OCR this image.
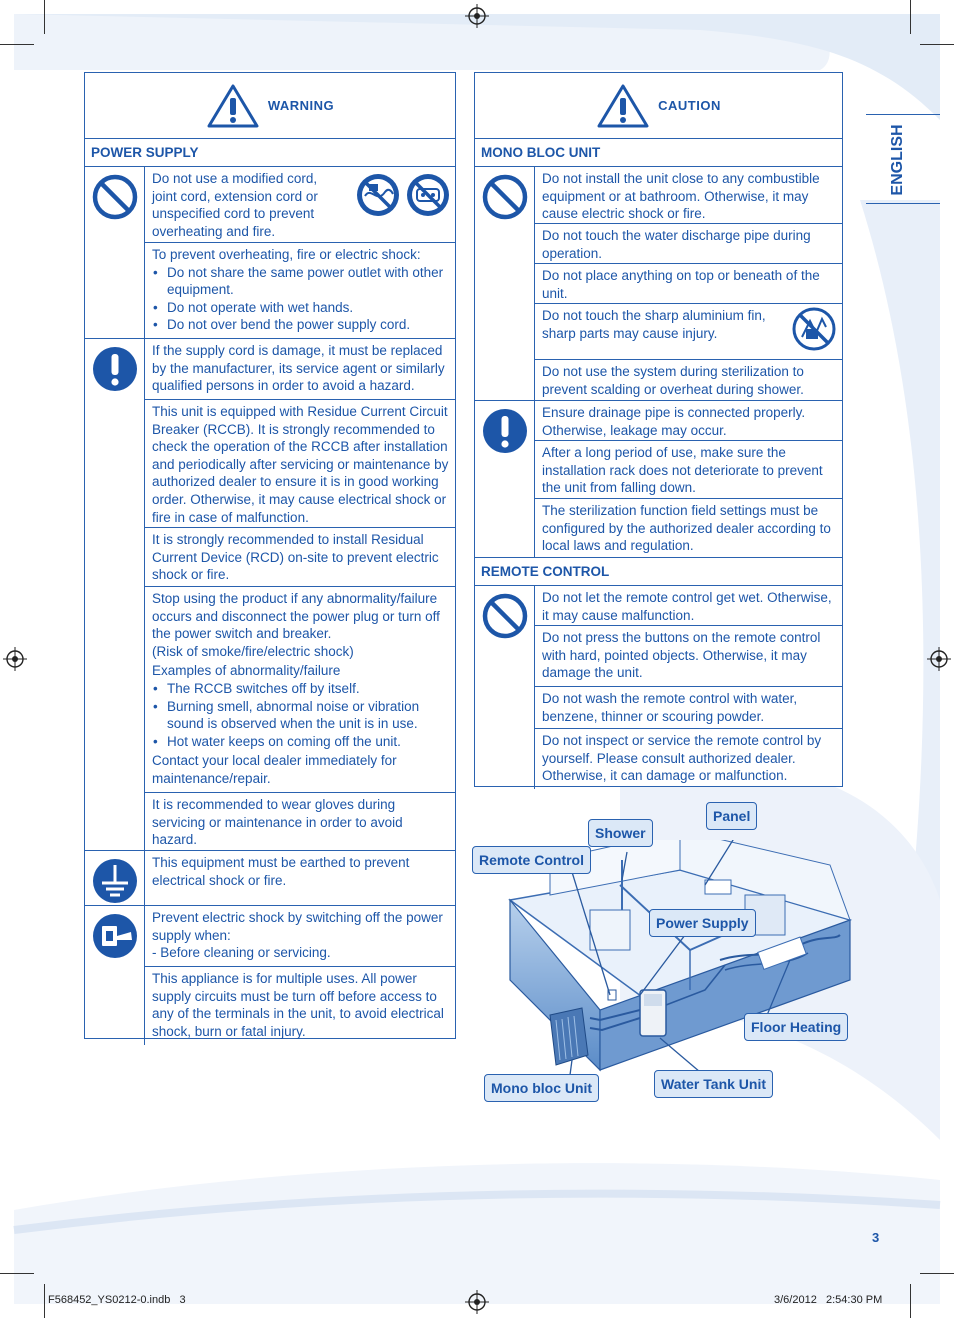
ENGLISH
WARNING
POWER SUPPLY

Do not use a modified cord, joint cord, extension cord or unspecified cord to prevent overheating and fire.

To prevent overheating, fire or electric shock:

• Do not share the same power outlet with other equipment.

• Do not operate with wet hands.

• Do not over bend the power supply cord.

If the supply cord is damage, it must be replaced by the manufacturer, its service agent or similarly qualified persons in order to avoid a hazard.

This unit is equipped with Residue Current Circuit Breaker (RCCB). It is strongly recommended to check the operation of the RCCB after installation and periodically after servicing or maintenance by authorized dealer to ensure it is in good working order. Otherwise, it may cause electrical shock or fire in case of malfunction.

It is strongly recommended to install Residual Current Device (RCD) on-site to prevent electric shock or fire.

Stop using the product if any abnormality/failure occurs and disconnect the power plug or turn off the power switch and breaker.

(Risk of smoke/fire/electric shock)

Examples of abnormality/failure

• The RCCB switches off by itself.

• Burning smell, abnormal noise or vibration sound is observed when the unit is in use.

• Hot water keeps on coming off the unit.

Contact your local dealer immediately for maintenance/repair.

It is recommended to wear gloves during servicing or maintenance in order to avoid hazard.

This equipment must be earthed to prevent electrical shock or fire.

Prevent electric shock by switching off the power supply when:

- Before cleaning or servicing.

This appliance is for multiple uses. All power supply circuits must be turn off before access to any of the terminals in the unit, to avoid electrical shock, burn or fatal injury.

CAUTION
MONO BLOC UNIT

Do not install the unit close to any combustible equipment or at bathroom. Otherwise, it may cause electric shock or fire.

Do not touch the water discharge pipe during operation.

Do not place anything on top or beneath of the unit.

Do not touch the sharp aluminium fin, sharp parts may cause injury.

Do not use the system during sterilization to prevent scalding or overheat during shower.

Ensure drainage pipe is connected properly. Otherwise, leakage may occur.

After a long period of use, make sure the installation rack does not deteriorate to prevent the unit from falling down.

The sterilization function field settings must be configured by the authorized dealer according to local laws and regulation.

REMOTE CONTROL

Do not let the remote control get wet. Otherwise, it may cause malfunction.

Do not press the buttons on the remote control with hard, pointed objects. Otherwise, it may damage the unit.

Do not wash the remote control with water, benzene, thinner or scouring powder.

Do not inspect or service the remote control by yourself. Please consult authorized dealer. Otherwise, it can damage or malfunction.

Remote Control
Shower
Panel
Power Supply
Floor Heating
Mono bloc Unit	Water Tank Unit
3
F568452_YS0212-0.indb   3	3/6/2012   2:54:30 PM
